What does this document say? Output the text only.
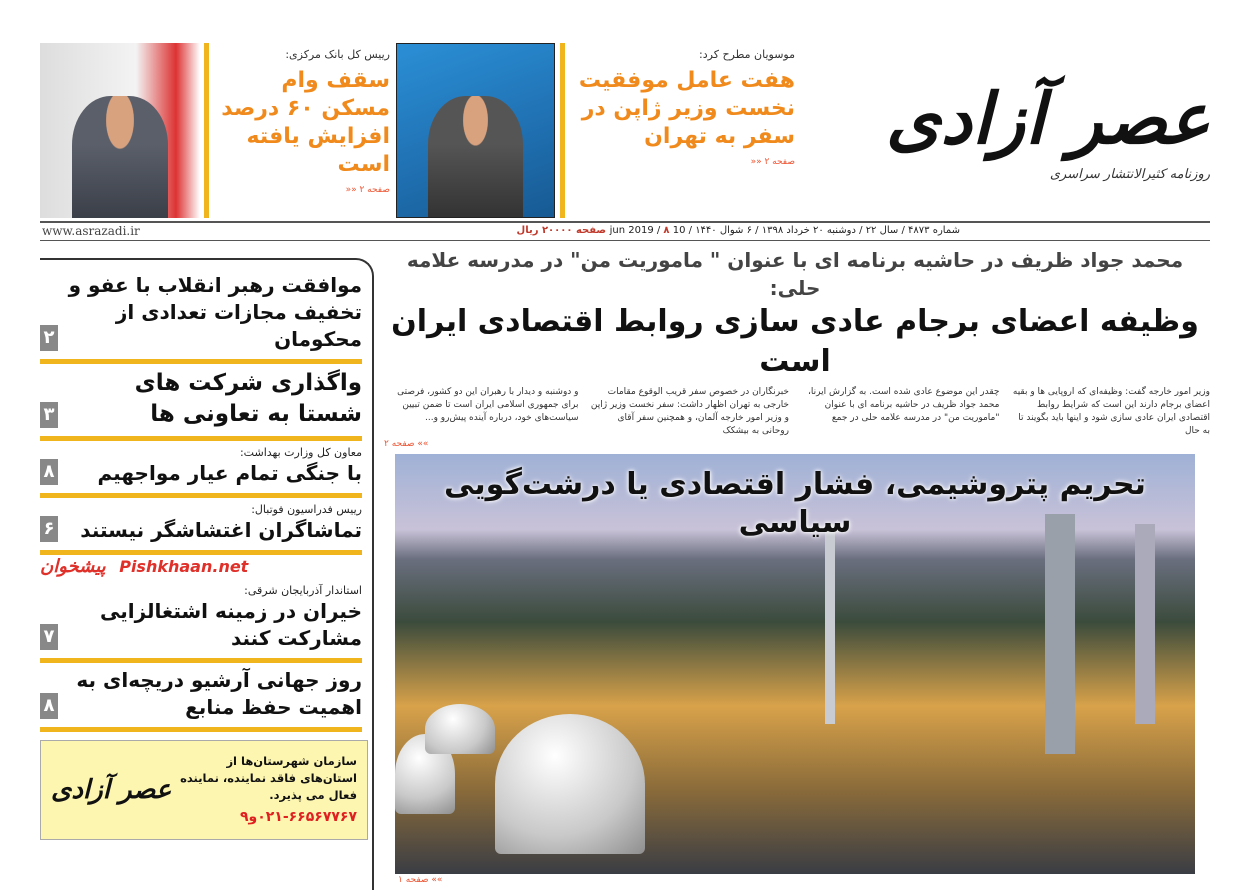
عصر آزادی
روزنامه کثیرالانتشار سراسری
موسویان مطرح کرد:
هفت عامل موفقیت نخست وزیر ژاپن در سفر به تهران
صفحه ۲ ««
رییس کل بانک مرکزی:
سقف وام مسکن ۶۰ درصد افزایش یافته است
صفحه ۲ ««
شماره ۴۸۷۳ / سال ۲۲ / دوشنبه ۲۰ خرداد ۱۳۹۸ / ۶ شوال ۱۴۴۰ / 10 jun 2019 / ۸ صفحه ۲۰۰۰۰ ریال
www.asrazadi.ir
۲
موافقت رهبر انقلاب با عفو و تخفیف مجازات تعدادی از محکومان
۳
واگذاری شرکت های شستا به تعاونی ها
۸
معاون کل وزارت بهداشت:
با جنگی تمام عیار مواجهیم
۶
رییس فدراسیون فوتبال:
تماشاگران اغتشاشگر نیستند
پیشخوان Pishkhaan.net
۷
استاندار آذربایجان شرقی:
خیران در زمینه اشتغالزایی مشارکت کنند
۸
روز جهانی آرشیو دریچه‌ای به اهمیت حفظ منابع
عصر آزادی
سازمان شهرستان‌ها از استان‌های فاقد نماینده، نماینده فعال می پذیرد.
۰۲۱-۶۶۵۶۷۷۶۷و۹
محمد جواد ظریف در حاشیه برنامه ای با عنوان " ماموریت من" در مدرسه علامه حلی:
وظیفه اعضای برجام عادی سازی روابط اقتصادی ایران است
وزیر امور خارجه گفت: وظیفه‌ای که اروپایی ها و بقیه اعضای برجام دارند این است که شرایط روابط اقتصادی ایران عادی سازی شود و اینها باید بگویند تا به حال
چقدر این موضوع عادی شده است. به گزارش ایرنا، محمد جواد ظریف در حاشیه برنامه ای با عنوان "ماموریت من" در مدرسه علامه حلی در جمع
خبرنگاران در خصوص سفر قریب الوقوع مقامات خارجی به تهران اظهار داشت: سفر نخست وزیر ژاپن و وزیر امور خارجه آلمان، و همچنین سفر آقای روحانی به بیشکک
و دوشنبه و دیدار با رهبران این دو کشور، فرصتی برای جمهوری اسلامی ایران است تا ضمن تبیین سیاست‌های خود، درباره آینده پیش‌رو و...
صفحه ۲ ««
تحریم پتروشیمی، فشار اقتصادی یا درشت‌گویی سیاسی
صفحه ۱ ««
